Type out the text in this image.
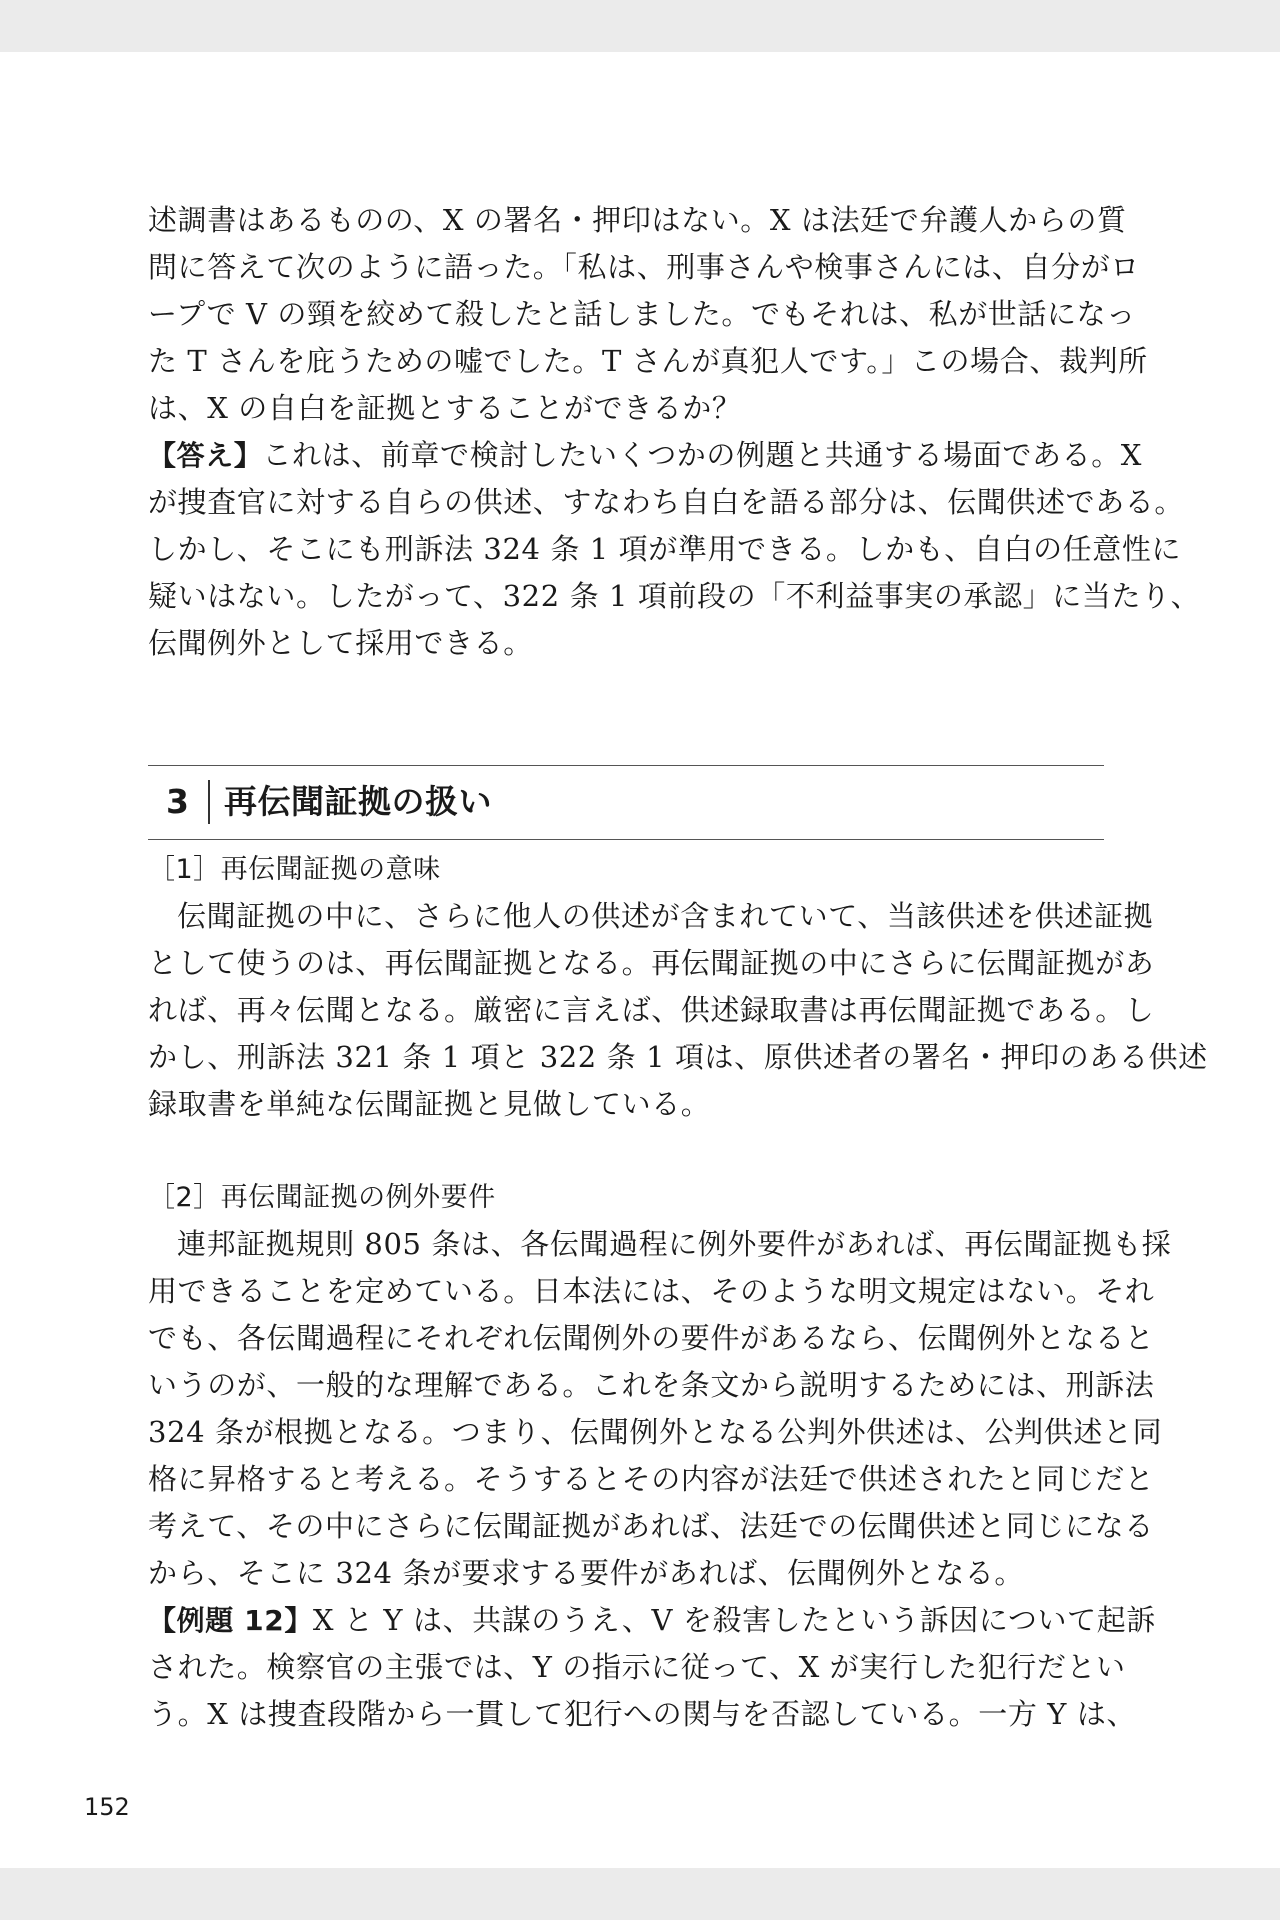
述調書はあるものの、X の署名・押印はない。X は法廷で弁護人からの質
問に答えて次のように語った。「私は、刑事さんや検事さんには、自分がロ
ープで V の頸を絞めて殺したと話しました。でもそれは、私が世話になっ
た T さんを庇うための嘘でした。T さんが真犯人です。」この場合、裁判所
は、X の自白を証拠とすることができるか？
【答え】これは、前章で検討したいくつかの例題と共通する場面である。X
が捜査官に対する自らの供述、すなわち自白を語る部分は、伝聞供述である。
しかし、そこにも刑訴法 324 条 1 項が準用できる。しかも、自白の任意性に
疑いはない。したがって、322 条 1 項前段の「不利益事実の承認」に当たり、
伝聞例外として採用できる。
3 再伝聞証拠の扱い
［1］再伝聞証拠の意味
伝聞証拠の中に、さらに他人の供述が含まれていて、当該供述を供述証拠
として使うのは、再伝聞証拠となる。再伝聞証拠の中にさらに伝聞証拠があ
れば、再々伝聞となる。厳密に言えば、供述録取書は再伝聞証拠である。し
かし、刑訴法 321 条 1 項と 322 条 1 項は、原供述者の署名・押印のある供述
録取書を単純な伝聞証拠と見做している。
［2］再伝聞証拠の例外要件
連邦証拠規則 805 条は、各伝聞過程に例外要件があれば、再伝聞証拠も採
用できることを定めている。日本法には、そのような明文規定はない。それ
でも、各伝聞過程にそれぞれ伝聞例外の要件があるなら、伝聞例外となると
いうのが、一般的な理解である。これを条文から説明するためには、刑訴法
324 条が根拠となる。つまり、伝聞例外となる公判外供述は、公判供述と同
格に昇格すると考える。そうするとその内容が法廷で供述されたと同じだと
考えて、その中にさらに伝聞証拠があれば、法廷での伝聞供述と同じになる
から、そこに 324 条が要求する要件があれば、伝聞例外となる。
【例題 12】X と Y は、共謀のうえ、V を殺害したという訴因について起訴
された。検察官の主張では、Y の指示に従って、X が実行した犯行だとい
う。X は捜査段階から一貫して犯行への関与を否認している。一方 Y は、
152
